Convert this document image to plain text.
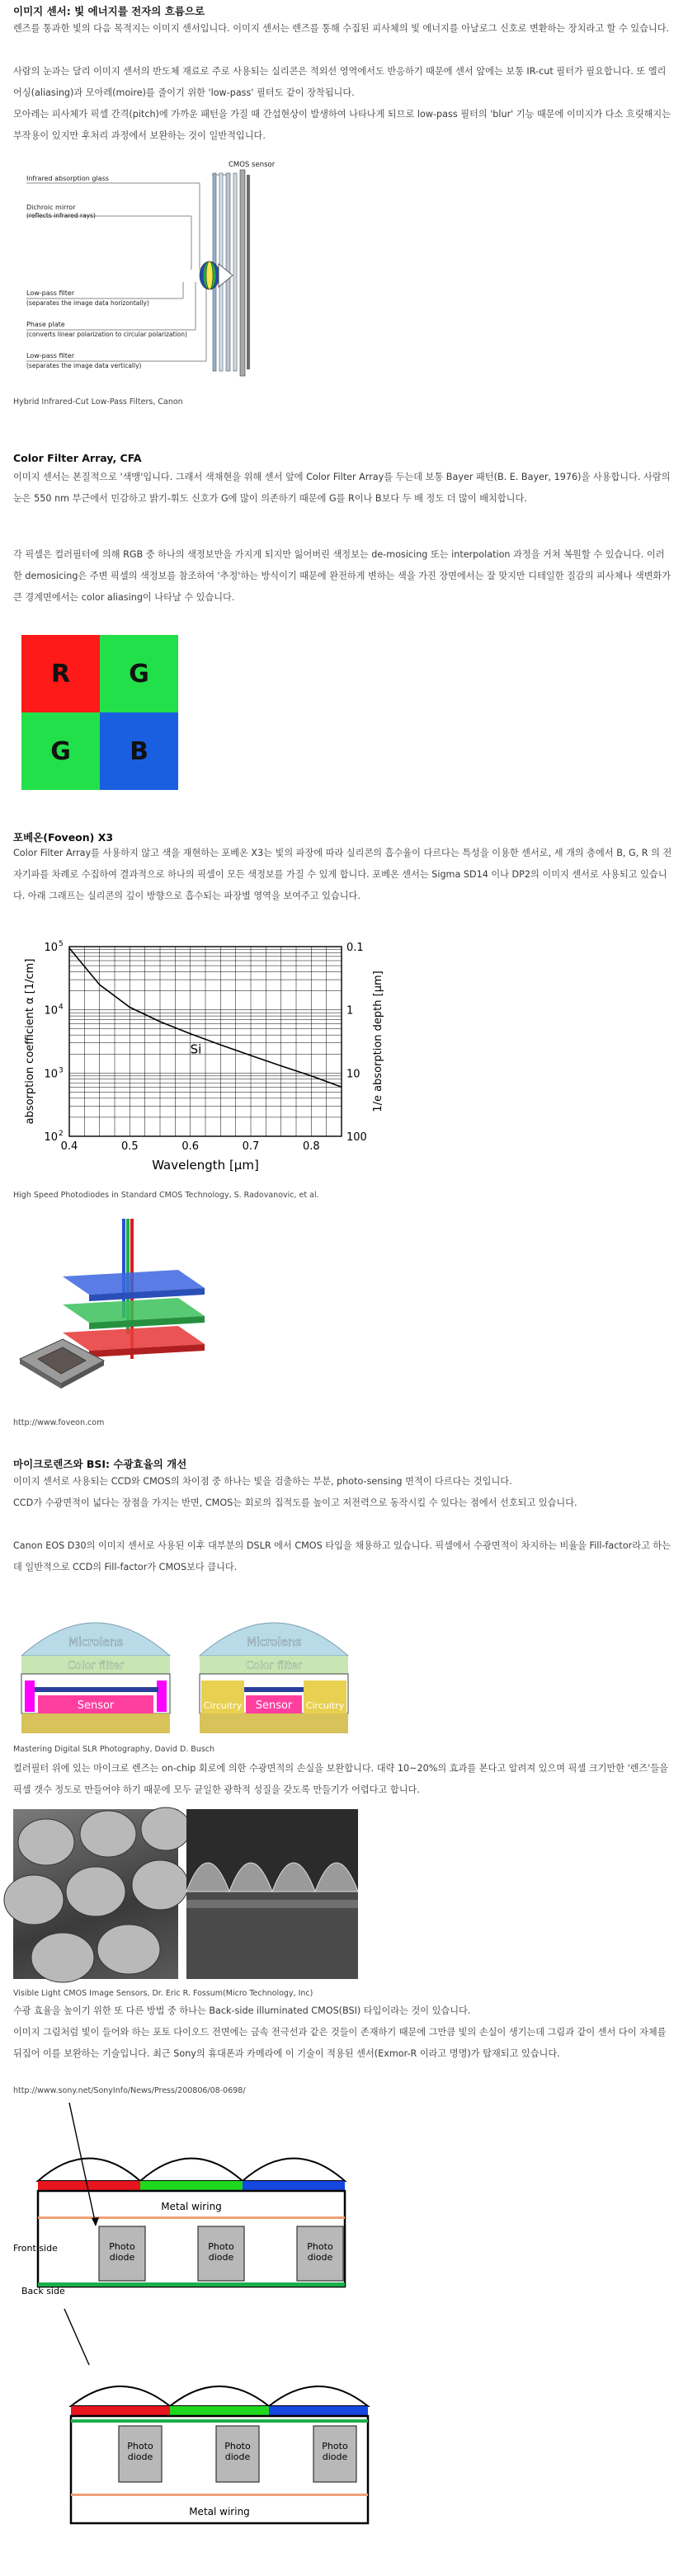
이미지 센서: 빛 에너지를 전자의 흐름으로

렌즈를 통과한 빛의 다음 목적지는 이미지 센서입니다. 이미지 센서는 렌즈를 통해 수집된 피사체의 빛 에너지를 아날로그 신호로 변환하는 장치라고 할 수 있습니다.

사람의 눈과는 달리 이미지 센서의 반도체 재료로 주로 사용되는 실리콘은 적외선 영역에서도 반응하기 때문에 센서 앞에는 보통 IR-cut 필터가 필요합니다. 또 엘리어싱(aliasing)과 모아레(moire)를 줄이기 위한 'low-pass' 필터도 같이 장착됩니다.

모아레는 피사체가 픽셀 간격(pitch)에 가까운 패턴을 가질 때 간섭현상이 발생하여 나타나게 되므로 low-pass 필터의 'blur' 기능 때문에 이미지가 다소 흐릿해지는 부작용이 있지만 후처리 과정에서 보완하는 것이 일반적입니다.

CMOS sensor
Infrared absorption glass
Dichroic mirror
(reflects infrared rays)
Low-pass filter
(separates the image data horizontally)
Phase plate
(converts linear polarization to circular polarization)
Low-pass filter
(separates the image data vertically)

Hybrid Infrared-Cut Low-Pass Filters, Canon

Color Filter Array, CFA

이미지 센서는 본질적으로 '색맹'입니다. 그래서 색채현을 위해 센서 앞에 Color Filter Array를 두는데 보통 Bayer 패턴(B. E. Bayer, 1976)을 사용합니다. 사람의 눈은 550 nm 부근에서 민감하고 밝기-휘도 신호가 G에 많이 의존하기 때문에 G를 R이나 B보다 두 배 정도 더 많이 배치합니다.

각 픽셀은 컬러필터에 의해 RGB 중 하나의 색정보만을 가지게 되지만 잃어버린 색정보는 de-mosicing 또는 interpolation 과정을 거쳐 복원할 수 있습니다. 이러한 demosicing은 주변 픽셀의 색정보를 참조하여 '추정'하는 방식이기 때문에 완전하게 변하는 색을 가진 장면에서는 잘 맞지만 디테일한 질감의 피사체나 색변화가 큰 경계면에서는 color aliasing이 나타날 수 있습니다.

R	G
G	B
포베온(Foveon) X3

Color Filter Array를 사용하지 않고 색을 재현하는 포베온 X3는 빛의 파장에 따라 실리콘의 흡수율이 다르다는 특성을 이용한 센서로, 세 개의 층에서 B, G, R 의 전자기파를 차례로 수집하여 결과적으로 하나의 픽셀이 모든 색정보를 가질 수 있게 합니다. 포베온 센서는 Sigma SD14 이나 DP2의 이미지 센서로 사용되고 있습니다. 아래 그래프는 실리콘의 깊이 방향으로 흡수되는 파장별 영역을 보여주고 있습니다.

0.4	0.5	0.6	0.7	0.8
10 2
10 3
10 4
10 5	0.1
1
10
100
Si
Wavelength [μm]
absorption coefficient α [1/cm]	1/e absorption depth [μm]

High Speed Photodiodes in Standard CMOS Technology, S. Radovanovic, et al.

http://www.foveon.com

마이크로렌즈와 BSI: 수광효율의 개선

이미지 센서로 사용되는 CCD와 CMOS의 차이점 중 하나는 빛을 검출하는 부분, photo-sensing 면적이 다르다는 것입니다.

CCD가 수광면적이 넓다는 장점을 가지는 반면, CMOS는 회로의 집적도를 높이고 저전력으로 동작시킬 수 있다는 점에서 선호되고 있습니다.

Canon EOS D30의 이미지 센서로 사용된 이후 대부분의 DSLR 에서 CMOS 타입을 채용하고 있습니다. 픽셀에서 수광면적이 차지하는 비율을 Fill-factor라고 하는데 일반적으로 CCD의 Fill-factor가 CMOS보다 큽니다.

Microlens
Color filter
Sensor
Microlens
Color filter
Circuitry Sensor Circuitry

Mastering Digital SLR Photography, David D. Busch

컬러필터 위에 있는 마이크로 렌즈는 on-chip 회로에 의한 수광면적의 손실을 보완합니다. 대략 10~20%의 효과를 본다고 알려져 있으며 픽셀 크기만한 '렌즈'들을 픽셀 갯수 정도로 만들어야 하기 때문에 모두 균일한 광학적 성질을 갖도록 만들기가 어렵다고 합니다.

Visible Light CMOS Image Sensors, Dr. Eric R. Fossum(Micro Technology, Inc)

수광 효율을 높이기 위한 또 다른 방법 중 하나는 Back-side illuminated CMOS(BSI) 타입이라는 것이 있습니다.

이미지 그림처럼 빛이 들어와 하는 포토 다이오드 전면에는 금속 전극선과 같은 것들이 존재하기 때문에 그만큼 빛의 손실이 생기는데 그림과 같이 센서 다이 자체를 뒤집어 이를 보완하는 기술입니다. 최근 Sony의 휴대폰과 카메라에 이 기술이 적용된 센서(Exmor-R 이라고 명명)가 탑재되고 있습니다.

http://www.sony.net/SonyInfo/News/Press/200806/08-0698/

Metal wiring
Photo
diode
Photo
diode
Photo
diode
Front side
Back side
Photo
diode
Photo
diode
Photo
diode
Metal wiring
